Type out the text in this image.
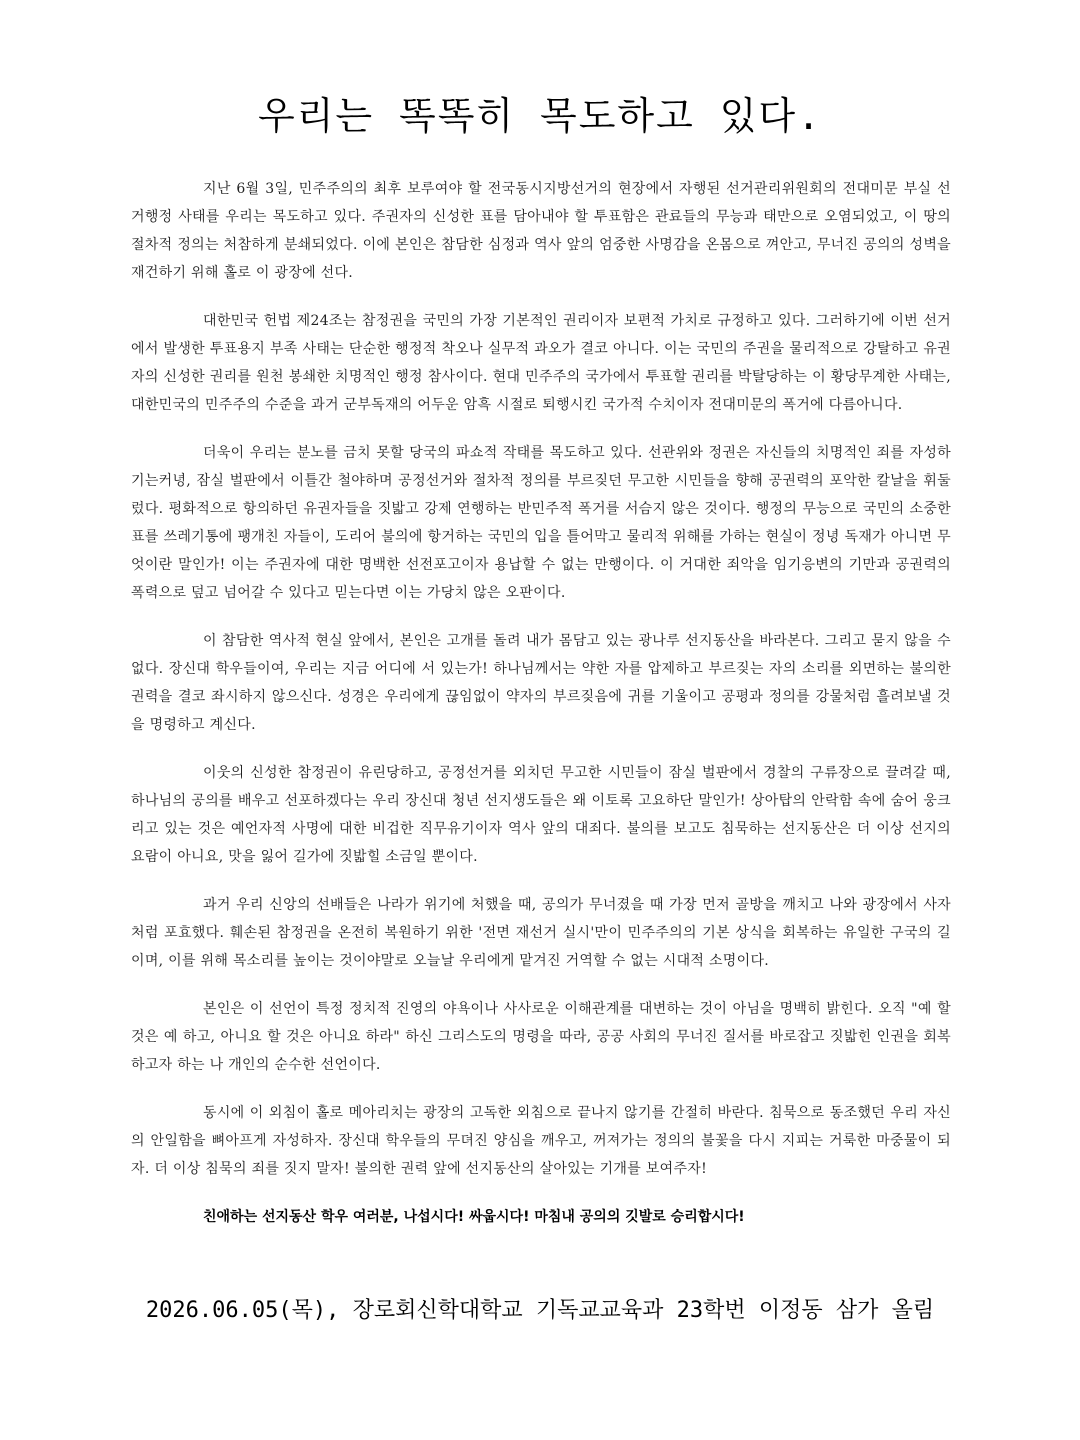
우리는 똑똑히 목도하고 있다.

지난 6월 3일, 민주주의의 최후 보루여야 할 전국동시지방선거의 현장에서 자행된 선거관리위원회의 전대미문 부실 선거행정 사태를 우리는 목도하고 있다. 주권자의 신성한 표를 담아내야 할 투표함은 관료들의 무능과 태만으로 오염되었고, 이 땅의 절차적 정의는 처참하게 분쇄되었다. 이에 본인은 참담한 심정과 역사 앞의 엄중한 사명감을 온몸으로 껴안고, 무너진 공의의 성벽을 재건하기 위해 홀로 이 광장에 선다.

대한민국 헌법 제24조는 참정권을 국민의 가장 기본적인 권리이자 보편적 가치로 규정하고 있다. 그러하기에 이번 선거에서 발생한 투표용지 부족 사태는 단순한 행정적 착오나 실무적 과오가 결코 아니다. 이는 국민의 주권을 물리적으로 강탈하고 유권자의 신성한 권리를 원천 봉쇄한 치명적인 행정 참사이다. 현대 민주주의 국가에서 투표할 권리를 박탈당하는 이 황당무계한 사태는, 대한민국의 민주주의 수준을 과거 군부독재의 어두운 암흑 시절로 퇴행시킨 국가적 수치이자 전대미문의 폭거에 다름아니다.

더욱이 우리는 분노를 금치 못할 당국의 파쇼적 작태를 목도하고 있다. 선관위와 정권은 자신들의 치명적인 죄를 자성하기는커녕, 잠실 벌판에서 이틀간 철야하며 공정선거와 절차적 정의를 부르짖던 무고한 시민들을 향해 공권력의 포악한 칼날을 휘둘렀다. 평화적으로 항의하던 유권자들을 짓밟고 강제 연행하는 반민주적 폭거를 서슴지 않은 것이다. 행정의 무능으로 국민의 소중한 표를 쓰레기통에 팽개친 자들이, 도리어 불의에 항거하는 국민의 입을 틀어막고 물리적 위해를 가하는 현실이 정녕 독재가 아니면 무엇이란 말인가! 이는 주권자에 대한 명백한 선전포고이자 용납할 수 없는 만행이다. 이 거대한 죄악을 임기응변의 기만과 공권력의 폭력으로 덮고 넘어갈 수 있다고 믿는다면 이는 가당치 않은 오판이다.

이 참담한 역사적 현실 앞에서, 본인은 고개를 돌려 내가 몸담고 있는 광나루 선지동산을 바라본다. 그리고 묻지 않을 수 없다. 장신대 학우들이여, 우리는 지금 어디에 서 있는가! 하나님께서는 약한 자를 압제하고 부르짖는 자의 소리를 외면하는 불의한 권력을 결코 좌시하지 않으신다. 성경은 우리에게 끊임없이 약자의 부르짖음에 귀를 기울이고 공평과 정의를 강물처럼 흘려보낼 것을 명령하고 계신다.

이웃의 신성한 참정권이 유린당하고, 공정선거를 외치던 무고한 시민들이 잠실 벌판에서 경찰의 구류장으로 끌려갈 때, 하나님의 공의를 배우고 선포하겠다는 우리 장신대 청년 선지생도들은 왜 이토록 고요하단 말인가! 상아탑의 안락함 속에 숨어 웅크리고 있는 것은 예언자적 사명에 대한 비겁한 직무유기이자 역사 앞의 대죄다. 불의를 보고도 침묵하는 선지동산은 더 이상 선지의 요람이 아니요, 맛을 잃어 길가에 짓밟힐 소금일 뿐이다.

과거 우리 신앙의 선배들은 나라가 위기에 처했을 때, 공의가 무너졌을 때 가장 먼저 골방을 깨치고 나와 광장에서 사자처럼 포효했다. 훼손된 참정권을 온전히 복원하기 위한 '전면 재선거 실시'만이 민주주의의 기본 상식을 회복하는 유일한 구국의 길이며, 이를 위해 목소리를 높이는 것이야말로 오늘날 우리에게 맡겨진 거역할 수 없는 시대적 소명이다.

본인은 이 선언이 특정 정치적 진영의 야욕이나 사사로운 이해관계를 대변하는 것이 아님을 명백히 밝힌다. 오직 "예 할 것은 예 하고, 아니요 할 것은 아니요 하라" 하신 그리스도의 명령을 따라, 공공 사회의 무너진 질서를 바로잡고 짓밟힌 인권을 회복하고자 하는 나 개인의 순수한 선언이다.

동시에 이 외침이 홀로 메아리치는 광장의 고독한 외침으로 끝나지 않기를 간절히 바란다. 침묵으로 동조했던 우리 자신의 안일함을 뼈아프게 자성하자. 장신대 학우들의 무뎌진 양심을 깨우고, 꺼져가는 정의의 불꽃을 다시 지피는 거룩한 마중물이 되자. 더 이상 침묵의 죄를 짓지 말자! 불의한 권력 앞에 선지동산의 살아있는 기개를 보여주자!

친애하는 선지동산 학우 여러분, 나섭시다! 싸웁시다! 마침내 공의의 깃발로 승리합시다!

2026.06.05(목), 장로회신학대학교 기독교교육과 23학번 이정동 삼가 올림
